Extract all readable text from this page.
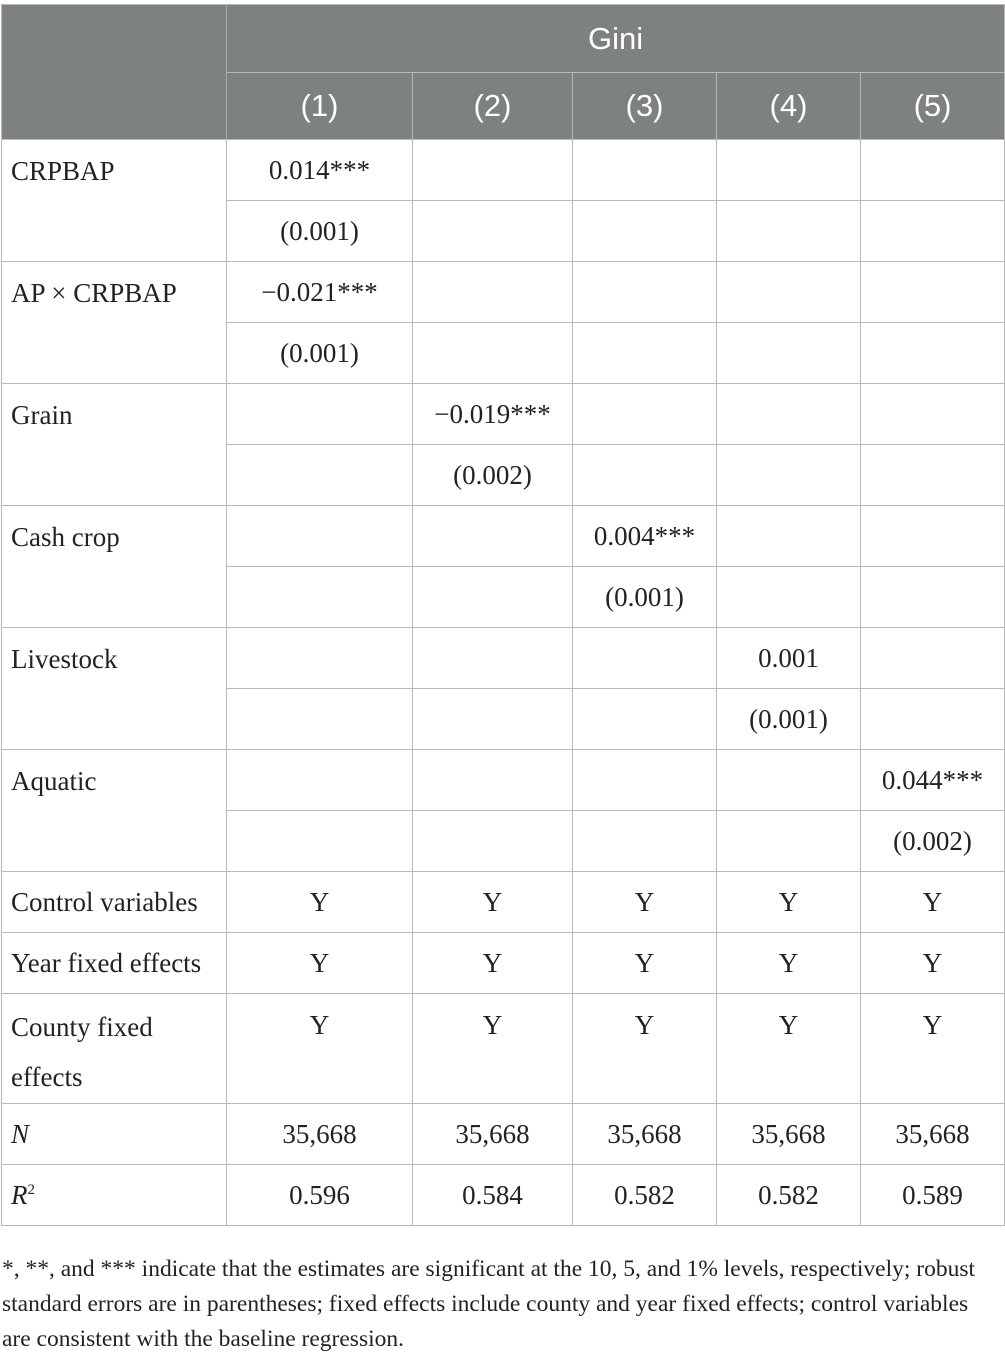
	Gini				
	(1)	(2)	(3)	(4)	(5)
CRPBAP	0.014***				
	(0.001)				
AP × CRPBAP	−0.021***				
	(0.001)				
Grain		−0.019***			
		(0.002)			
Cash crop			0.004***		
			(0.001)		
Livestock				0.001	
				(0.001)	
Aquatic					0.044***
					(0.002)
Control variables	Y	Y	Y	Y	Y
Year fixed effects	Y	Y	Y	Y	Y
County fixed effects	Y	Y	Y	Y	Y
N	35,668	35,668	35,668	35,668	35,668
$R^2$	0.596	0.584	0.582	0.582	0.589
*, **, and *** indicate that the estimates are significant at the 10, 5, and 1% levels, respectively; robust standard errors are in parentheses; fixed effects include county and year fixed effects; control variables are consistent with the baseline regression.
